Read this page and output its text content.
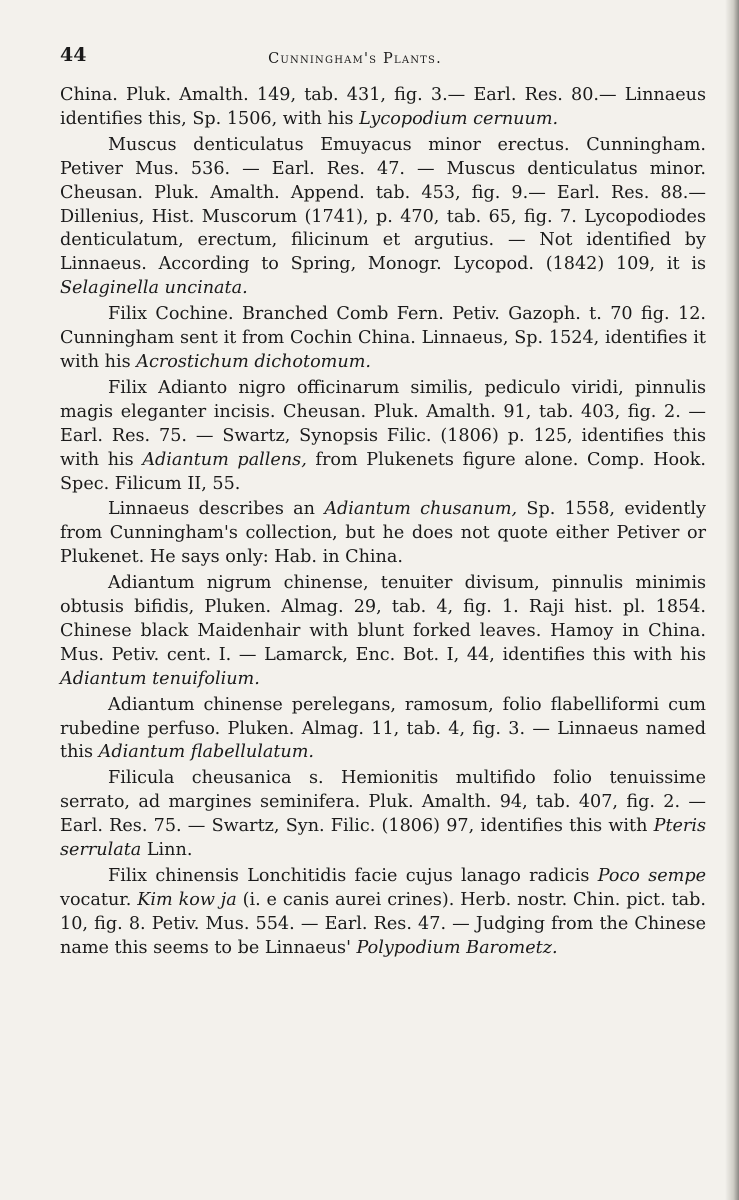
44	Cunningham's Plants.

China. Pluk. Amalth. 149, tab. 431, fig. 3.— Earl. Res. 80.— Linnaeus identifies this, Sp. 1506, with his Lycopodium cernuum.

Muscus denticulatus Emuyacus minor erectus. Cunningham. Petiver Mus. 536. — Earl. Res. 47. — Muscus denticulatus minor. Cheusan. Pluk. Amalth. Append. tab. 453, fig. 9.— Earl. Res. 88.— Dillenius, Hist. Muscorum (1741), p. 470, tab. 65, fig. 7. Lycopodiodes denticulatum, erectum, filicinum et argutius. — Not identified by Linnaeus. According to Spring, Monogr. Lycopod. (1842) 109, it is Selaginella uncinata.

Filix Cochine. Branched Comb Fern. Petiv. Gazoph. t. 70 fig. 12. Cunningham sent it from Cochin China. Linnaeus, Sp. 1524, identifies it with his Acrostichum dichotomum.

Filix Adianto nigro officinarum similis, pediculo viridi, pinnulis magis eleganter incisis. Cheusan. Pluk. Amalth. 91, tab. 403, fig. 2. — Earl. Res. 75. — Swartz, Synopsis Filic. (1806) p. 125, identifies this with his Adiantum pallens, from Plukenets figure alone. Comp. Hook. Spec. Filicum II, 55.

Linnaeus describes an Adiantum chusanum, Sp. 1558, evidently from Cunningham's collection, but he does not quote either Petiver or Plukenet. He says only: Hab. in China.

Adiantum nigrum chinense, tenuiter divisum, pinnulis minimis obtusis bifidis, Pluken. Almag. 29, tab. 4, fig. 1. Raji hist. pl. 1854. Chinese black Maidenhair with blunt forked leaves. Hamoy in China. Mus. Petiv. cent. I. — Lamarck, Enc. Bot. I, 44, identifies this with his Adiantum tenuifolium.

Adiantum chinense perelegans, ramosum, folio flabelliformi cum rubedine perfuso. Pluken. Almag. 11, tab. 4, fig. 3. — Linnaeus named this Adiantum flabellulatum.

Filicula cheusanica s. Hemionitis multifido folio tenuissime serrato, ad margines seminifera. Pluk. Amalth. 94, tab. 407, fig. 2. — Earl. Res. 75. — Swartz, Syn. Filic. (1806) 97, identifies this with Pteris serrulata Linn.

Filix chinensis Lonchitidis facie cujus lanago radicis Poco sempe vocatur. Kim kow ja (i. e canis aurei crines). Herb. nostr. Chin. pict. tab. 10, fig. 8. Petiv. Mus. 554. — Earl. Res. 47. — Judging from the Chinese name this seems to be Linnaeus' Polypodium Barometz.
